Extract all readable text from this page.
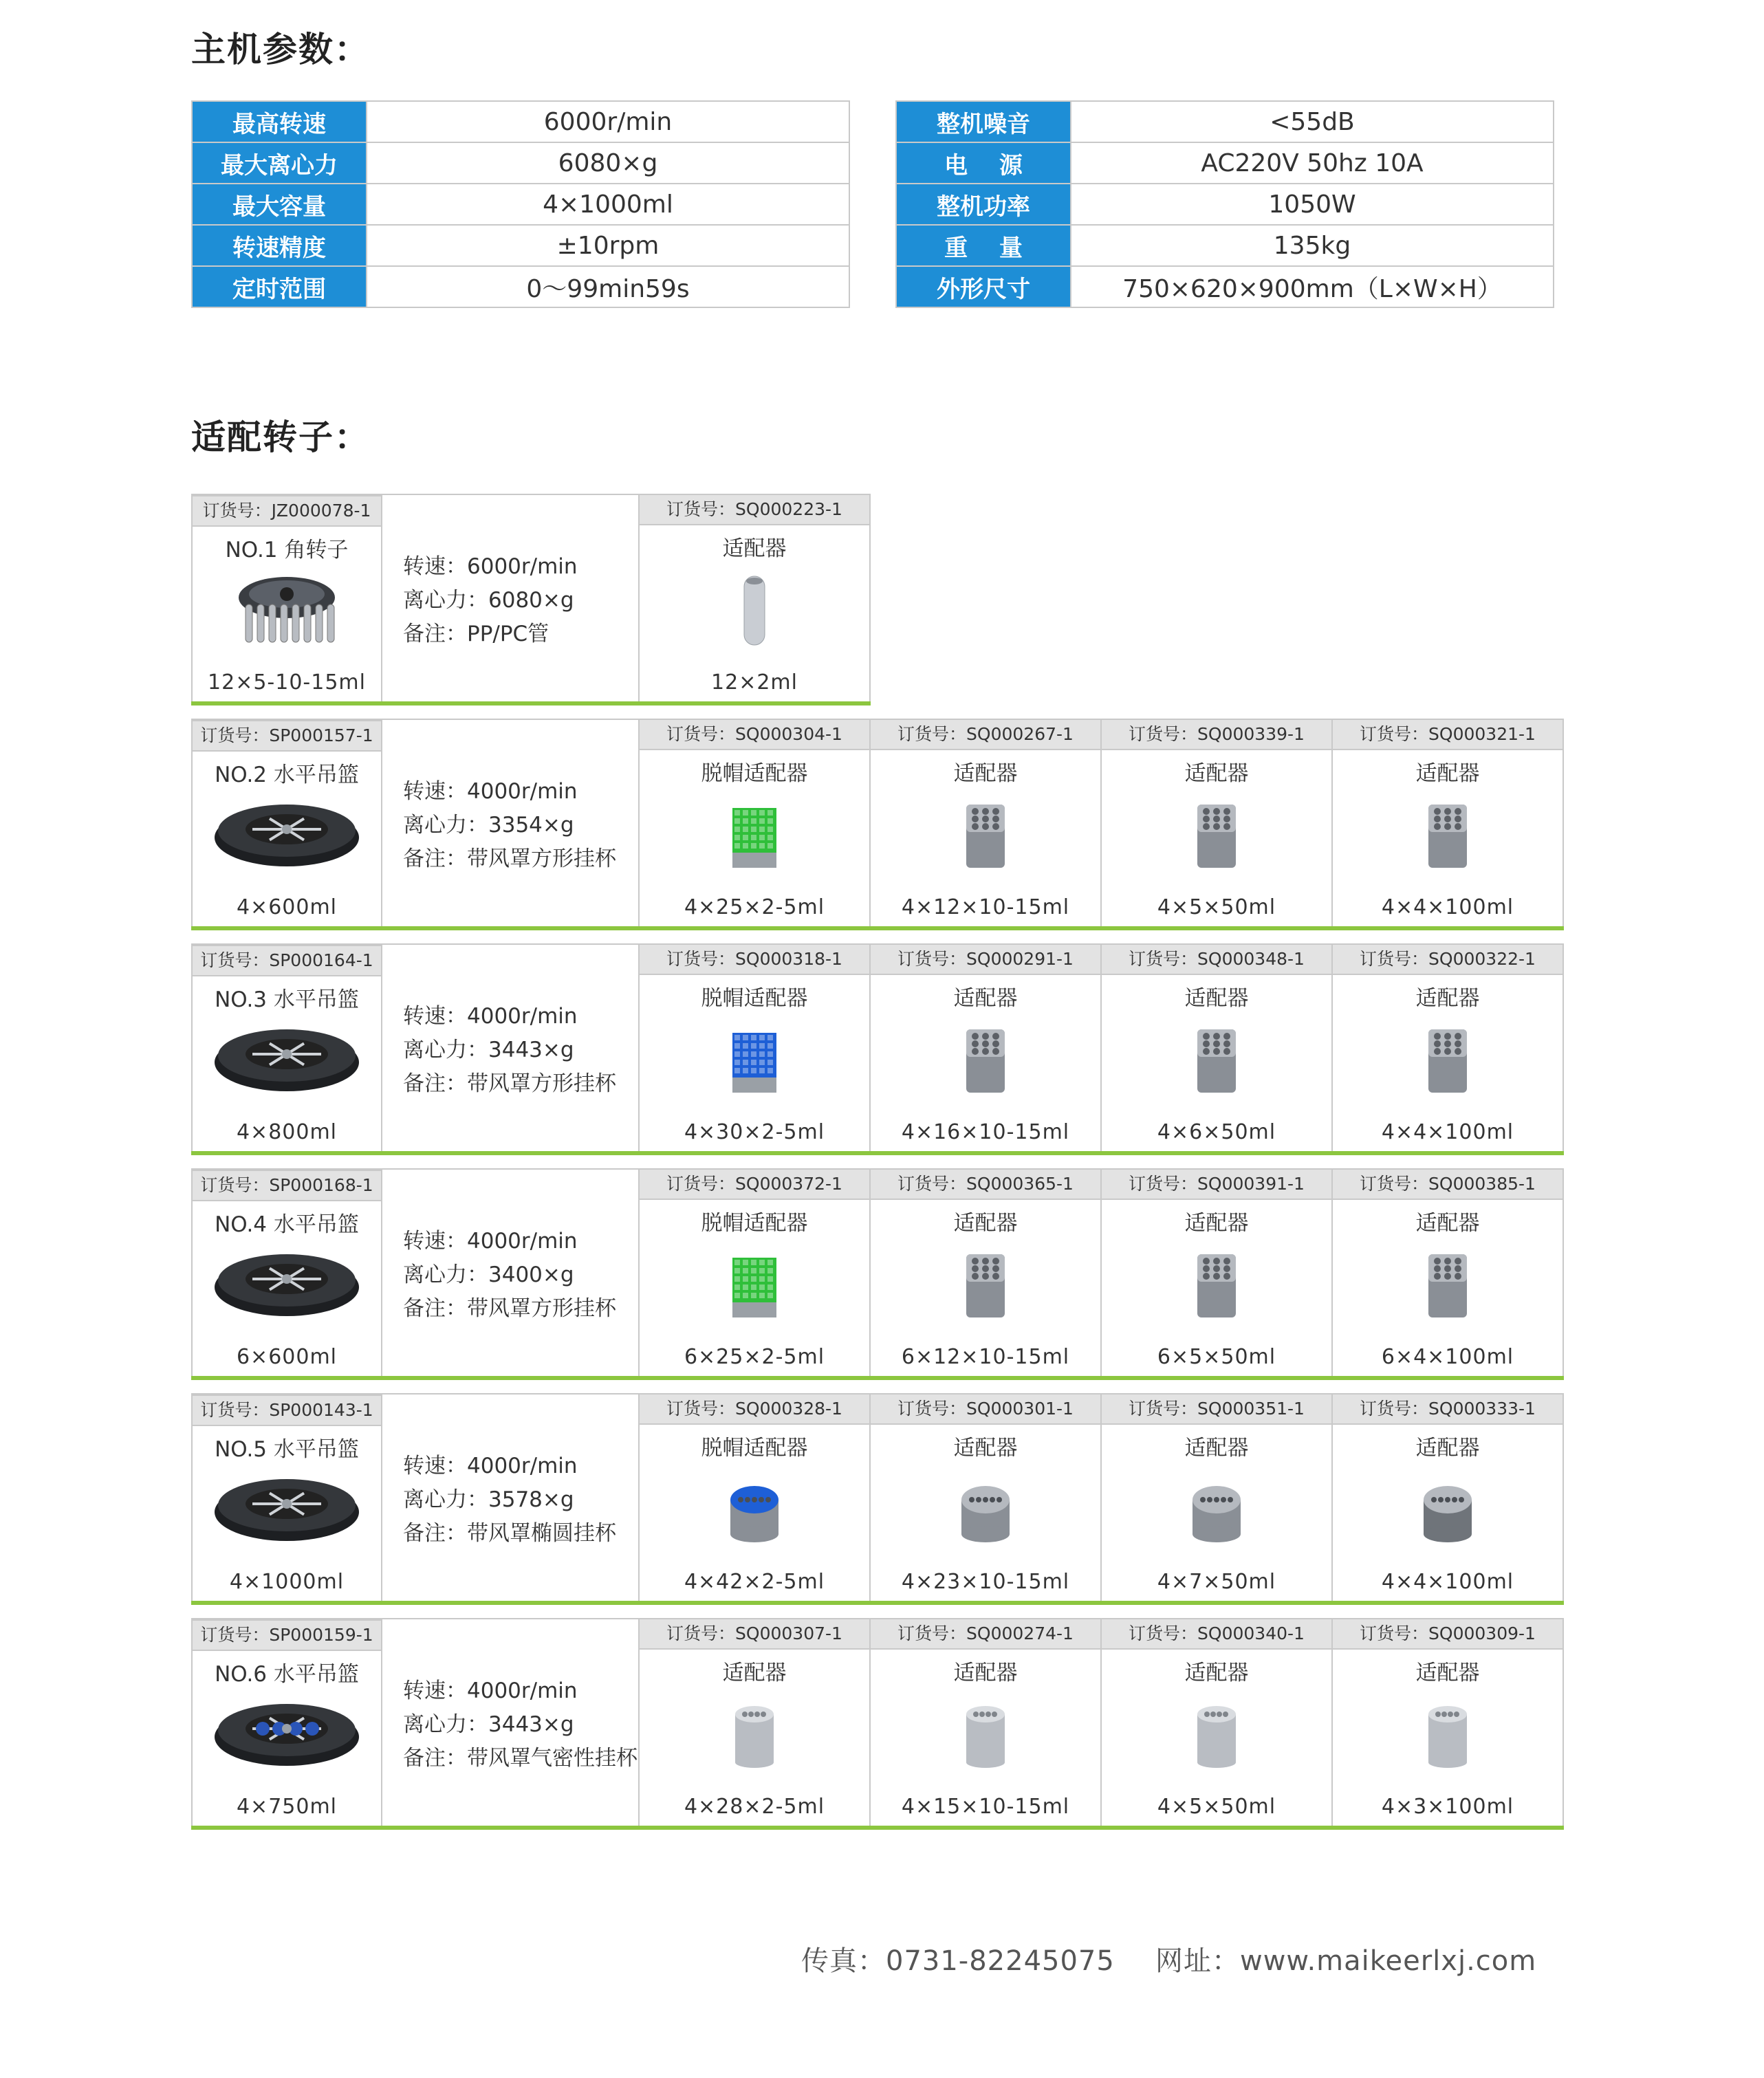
主机参数：
最高转速	6000r/min
最大离心力	6080×g
最大容量	4×1000ml
转速精度	±10rpm
定时范围	0～99min59s
整机噪音	<55dB
电　 源	AC220V 50hz 10A
整机功率	1050W
重　 量	135kg
外形尺寸	750×620×900mm（L×W×H）
适配转子：
订货号：JZ000078-1
NO.1 角转子
12×5-10-15ml
转速：6000r/min
离心力：6080×g
备注：PP/PC管
订货号：SQ000223-1
适配器
12×2ml
订货号：SP000157-1
NO.2 水平吊篮
4×600ml
转速：4000r/min
离心力：3354×g
备注：带风罩方形挂杯
订货号：SQ000304-1
脱帽适配器
4×25×2-5ml
订货号：SQ000267-1
适配器
4×12×10-15ml
订货号：SQ000339-1
适配器
4×5×50ml
订货号：SQ000321-1
适配器
4×4×100ml
订货号：SP000164-1
NO.3 水平吊篮
4×800ml
转速：4000r/min
离心力：3443×g
备注：带风罩方形挂杯
订货号：SQ000318-1
脱帽适配器
4×30×2-5ml
订货号：SQ000291-1
适配器
4×16×10-15ml
订货号：SQ000348-1
适配器
4×6×50ml
订货号：SQ000322-1
适配器
4×4×100ml
订货号：SP000168-1
NO.4 水平吊篮
6×600ml
转速：4000r/min
离心力：3400×g
备注：带风罩方形挂杯
订货号：SQ000372-1
脱帽适配器
6×25×2-5ml
订货号：SQ000365-1
适配器
6×12×10-15ml
订货号：SQ000391-1
适配器
6×5×50ml
订货号：SQ000385-1
适配器
6×4×100ml
订货号：SP000143-1
NO.5 水平吊篮
4×1000ml
转速：4000r/min
离心力：3578×g
备注：带风罩椭圆挂杯
订货号：SQ000328-1
脱帽适配器
4×42×2-5ml
订货号：SQ000301-1
适配器
4×23×10-15ml
订货号：SQ000351-1
适配器
4×7×50ml
订货号：SQ000333-1
适配器
4×4×100ml
订货号：SP000159-1
NO.6 水平吊篮
4×750ml
转速：4000r/min
离心力：3443×g
备注：带风罩气密性挂杯
订货号：SQ000307-1
适配器
4×28×2-5ml
订货号：SQ000274-1
适配器
4×15×10-15ml
订货号：SQ000340-1
适配器
4×5×50ml
订货号：SQ000309-1
适配器
4×3×100ml
传真：0731-82245075 网址：www.maikeerlxj.com
